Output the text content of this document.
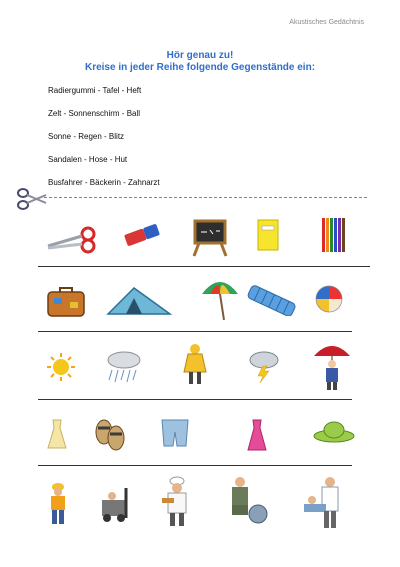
Akustisches Gedächtnis
Hör genau zu!
Kreise in jeder Reihe folgende Gegenstände ein:
Radiergummi - Tafel - Heft
Zelt - Sonnenschirm - Ball
Sonne - Regen - Blitz
Sandalen - Hose - Hut
Busfahrer - Bäckerin - Zahnarzt
